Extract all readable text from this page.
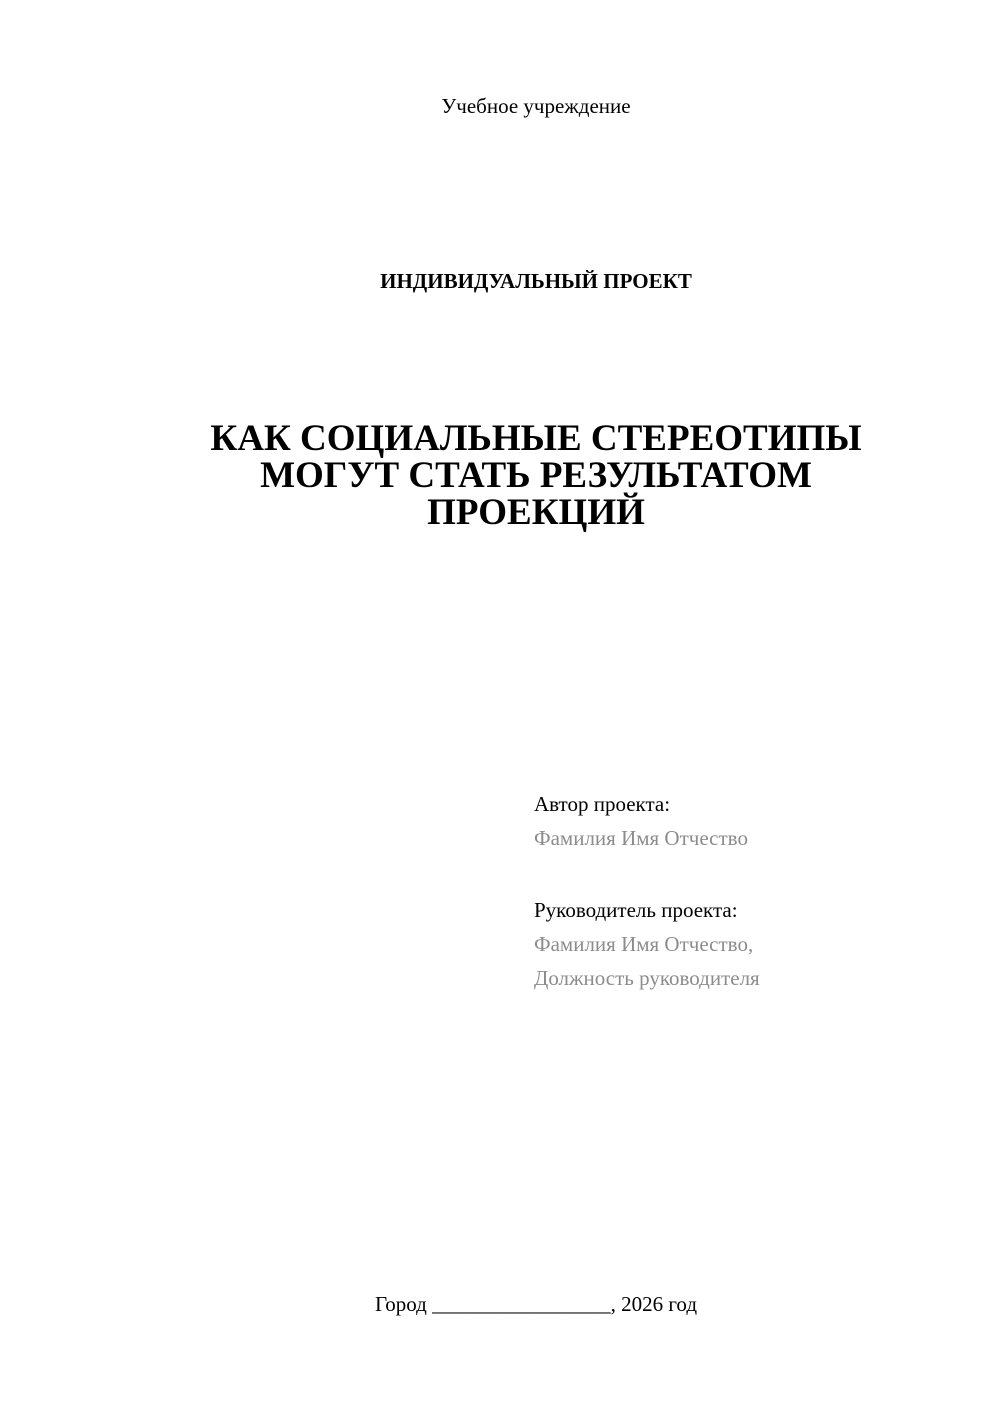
Учебное учреждение
ИНДИВИДУАЛЬНЫЙ ПРОЕКТ
КАК СОЦИАЛЬНЫЕ СТЕРЕОТИПЫ
МОГУТ СТАТЬ РЕЗУЛЬТАТОМ
ПРОЕКЦИЙ
Автор проекта:
Фамилия Имя Отчество
Руководитель проекта:
Фамилия Имя Отчество,
Должность руководителя
Город _________________, 2026 год
